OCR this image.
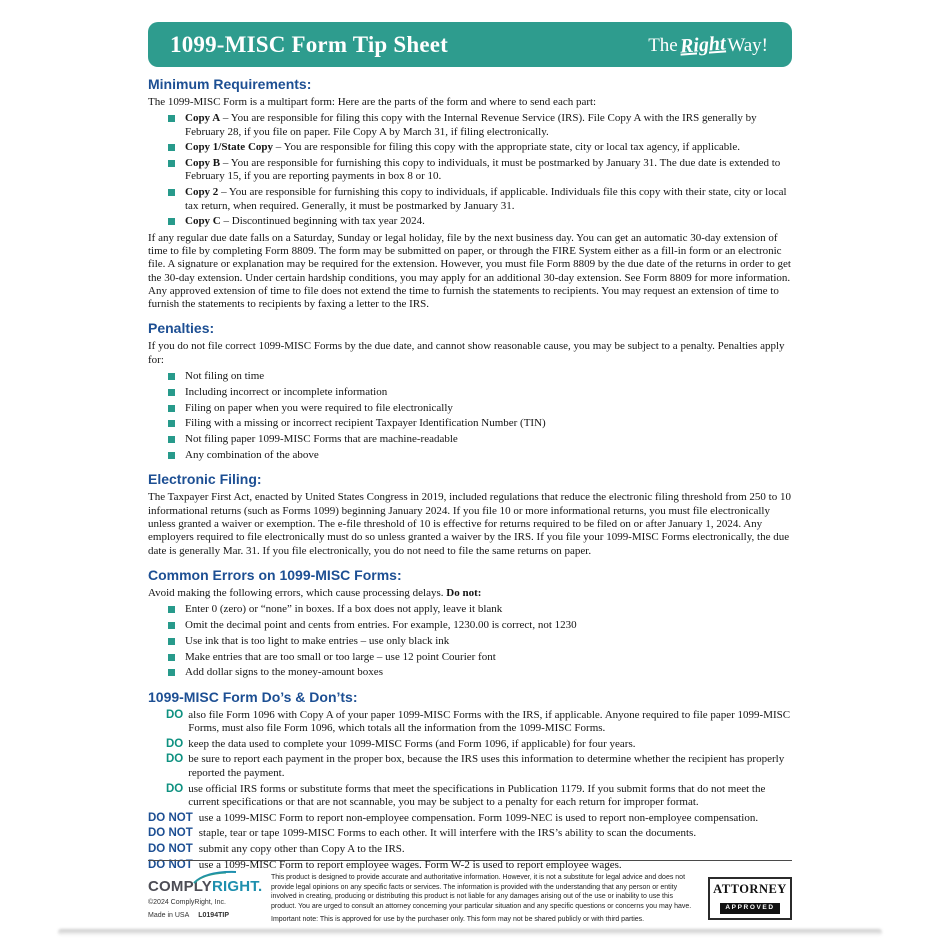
1099-MISC Form Tip Sheet	The Right Way!
Minimum Requirements:

The 1099-MISC Form is a multipart form: Here are the parts of the form and where to send each part:

Copy A – You are responsible for filing this copy with the Internal Revenue Service (IRS). File Copy A with the IRS generally by February 28, if you file on paper. File Copy A by March 31, if filing electronically.

Copy 1/State Copy – You are responsible for filing this copy with the appropriate state, city or local tax agency, if applicable.

Copy B – You are responsible for furnishing this copy to individuals, it must be postmarked by January 31. The due date is extended to February 15, if you are reporting payments in box 8 or 10.

Copy 2 – You are responsible for furnishing this copy to individuals, if applicable. Individuals file this copy with their state, city or local tax return, when required. Generally, it must be postmarked by January 31.

Copy C – Discontinued beginning with tax year 2024.

If any regular due date falls on a Saturday, Sunday or legal holiday, file by the next business day. You can get an automatic 30-day extension of time to file by completing Form 8809. The form may be submitted on paper, or through the FIRE System either as a fill-in form or an electronic file. A signature or explanation may be required for the extension. However, you must file Form 8809 by the due date of the returns in order to get the 30-day extension. Under certain hardship conditions, you may apply for an additional 30-day extension. See Form 8809 for more information. Any approved extension of time to file does not extend the time to furnish the statements to recipients. You may request an extension of time to furnish the statements to recipients by faxing a letter to the IRS.

Penalties:

If you do not file correct 1099-MISC Forms by the due date, and cannot show reasonable cause, you may be subject to a penalty. Penalties apply for:

Not filing on time

Including incorrect or incomplete information

Filing on paper when you were required to file electronically

Filing with a missing or incorrect recipient Taxpayer Identification Number (TIN)

Not filing paper 1099-MISC Forms that are machine-readable

Any combination of the above

Electronic Filing:

The Taxpayer First Act, enacted by United States Congress in 2019, included regulations that reduce the electronic filing threshold from 250 to 10 informational returns (such as Forms 1099) beginning January 2024. If you file 10 or more informational returns, you must file electronically unless granted a waiver or exemption. The e-file threshold of 10 is effective for returns required to be filed on or after January 1, 2024. Any employers required to file electronically must do so unless granted a waiver by the IRS. If you file your 1099-MISC Forms electronically, the due date is generally Mar. 31. If you file electronically, you do not need to file the same returns on paper.

Common Errors on 1099-MISC Forms:

Avoid making the following errors, which cause processing delays. Do not:

Enter 0 (zero) or “none” in boxes. If a box does not apply, leave it blank

Omit the decimal point and cents from entries. For example, 1230.00 is correct, not 1230

Use ink that is too light to make entries – use only black ink

Make entries that are too small or too large – use 12 point Courier font

Add dollar signs to the money-amount boxes

1099-MISC Form Do’s & Don’ts:
DO also file Form 1096 with Copy A of your paper 1099-MISC Forms with the IRS, if applicable. Anyone required to file paper 1099-MISC Forms, must also file Form 1096, which totals all the information from the 1099-MISC Forms.

DO keep the data used to complete your 1099-MISC Forms (and Form 1096, if applicable) for four years.

DO be sure to report each payment in the proper box, because the IRS uses this information to determine whether the recipient has properly reported the payment.

DO use official IRS forms or substitute forms that meet the specifications in Publication 1179. If you submit forms that do not meet the current specifications or that are not scannable, you may be subject to a penalty for each return for improper format.

DO NOT use a 1099-MISC Form to report non-employee compensation. Form 1099-NEC is used to report non-employee compensation.

DO NOT staple, tear or tape 1099-MISC Forms to each other. It will interfere with the IRS’s ability to scan the documents.

DO NOT submit any copy other than Copy A to the IRS.

DO NOT use a 1099-MISC Form to report employee wages. Form W-2 is used to report employee wages.

COMPLYRIGHT.
©2024 ComplyRight, Inc.
Made in USA L0194TIP

This product is designed to provide accurate and authoritative information. However, it is not a substitute for legal advice and does not provide legal opinions on any specific facts or services. The information is provided with the understanding that any person or entity involved in creating, producing or distributing this product is not liable for any damages arising out of the use or inability to use this product. You are urged to consult an attorney concerning your particular situation and any specific questions or concerns you may have.

Important note: This is approved for use by the purchaser only. This form may not be shared publicly or with third parties.

ATTORNEY
APPROVED
